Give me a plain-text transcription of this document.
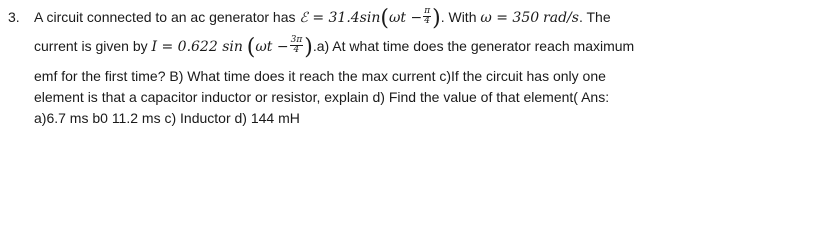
3. A circuit connected to an ac generator has ℰ = $31.4\sin(\omega t - \frac{\pi}{4}$ ). With ω = 350 rad/s. The
current is given by I = 0.622 $\sin (\omega t - \frac{3\pi}{4} ).a$) At what time does the generator reach maximum
emf for the first time? B) What time does it reach the max current c)If the circuit has only one
element is that a capacitor inductor or resistor, explain d) Find the value of that element( Ans:
a)6.7 ms b0 11.2 ms c) Inductor d) 144 mH
